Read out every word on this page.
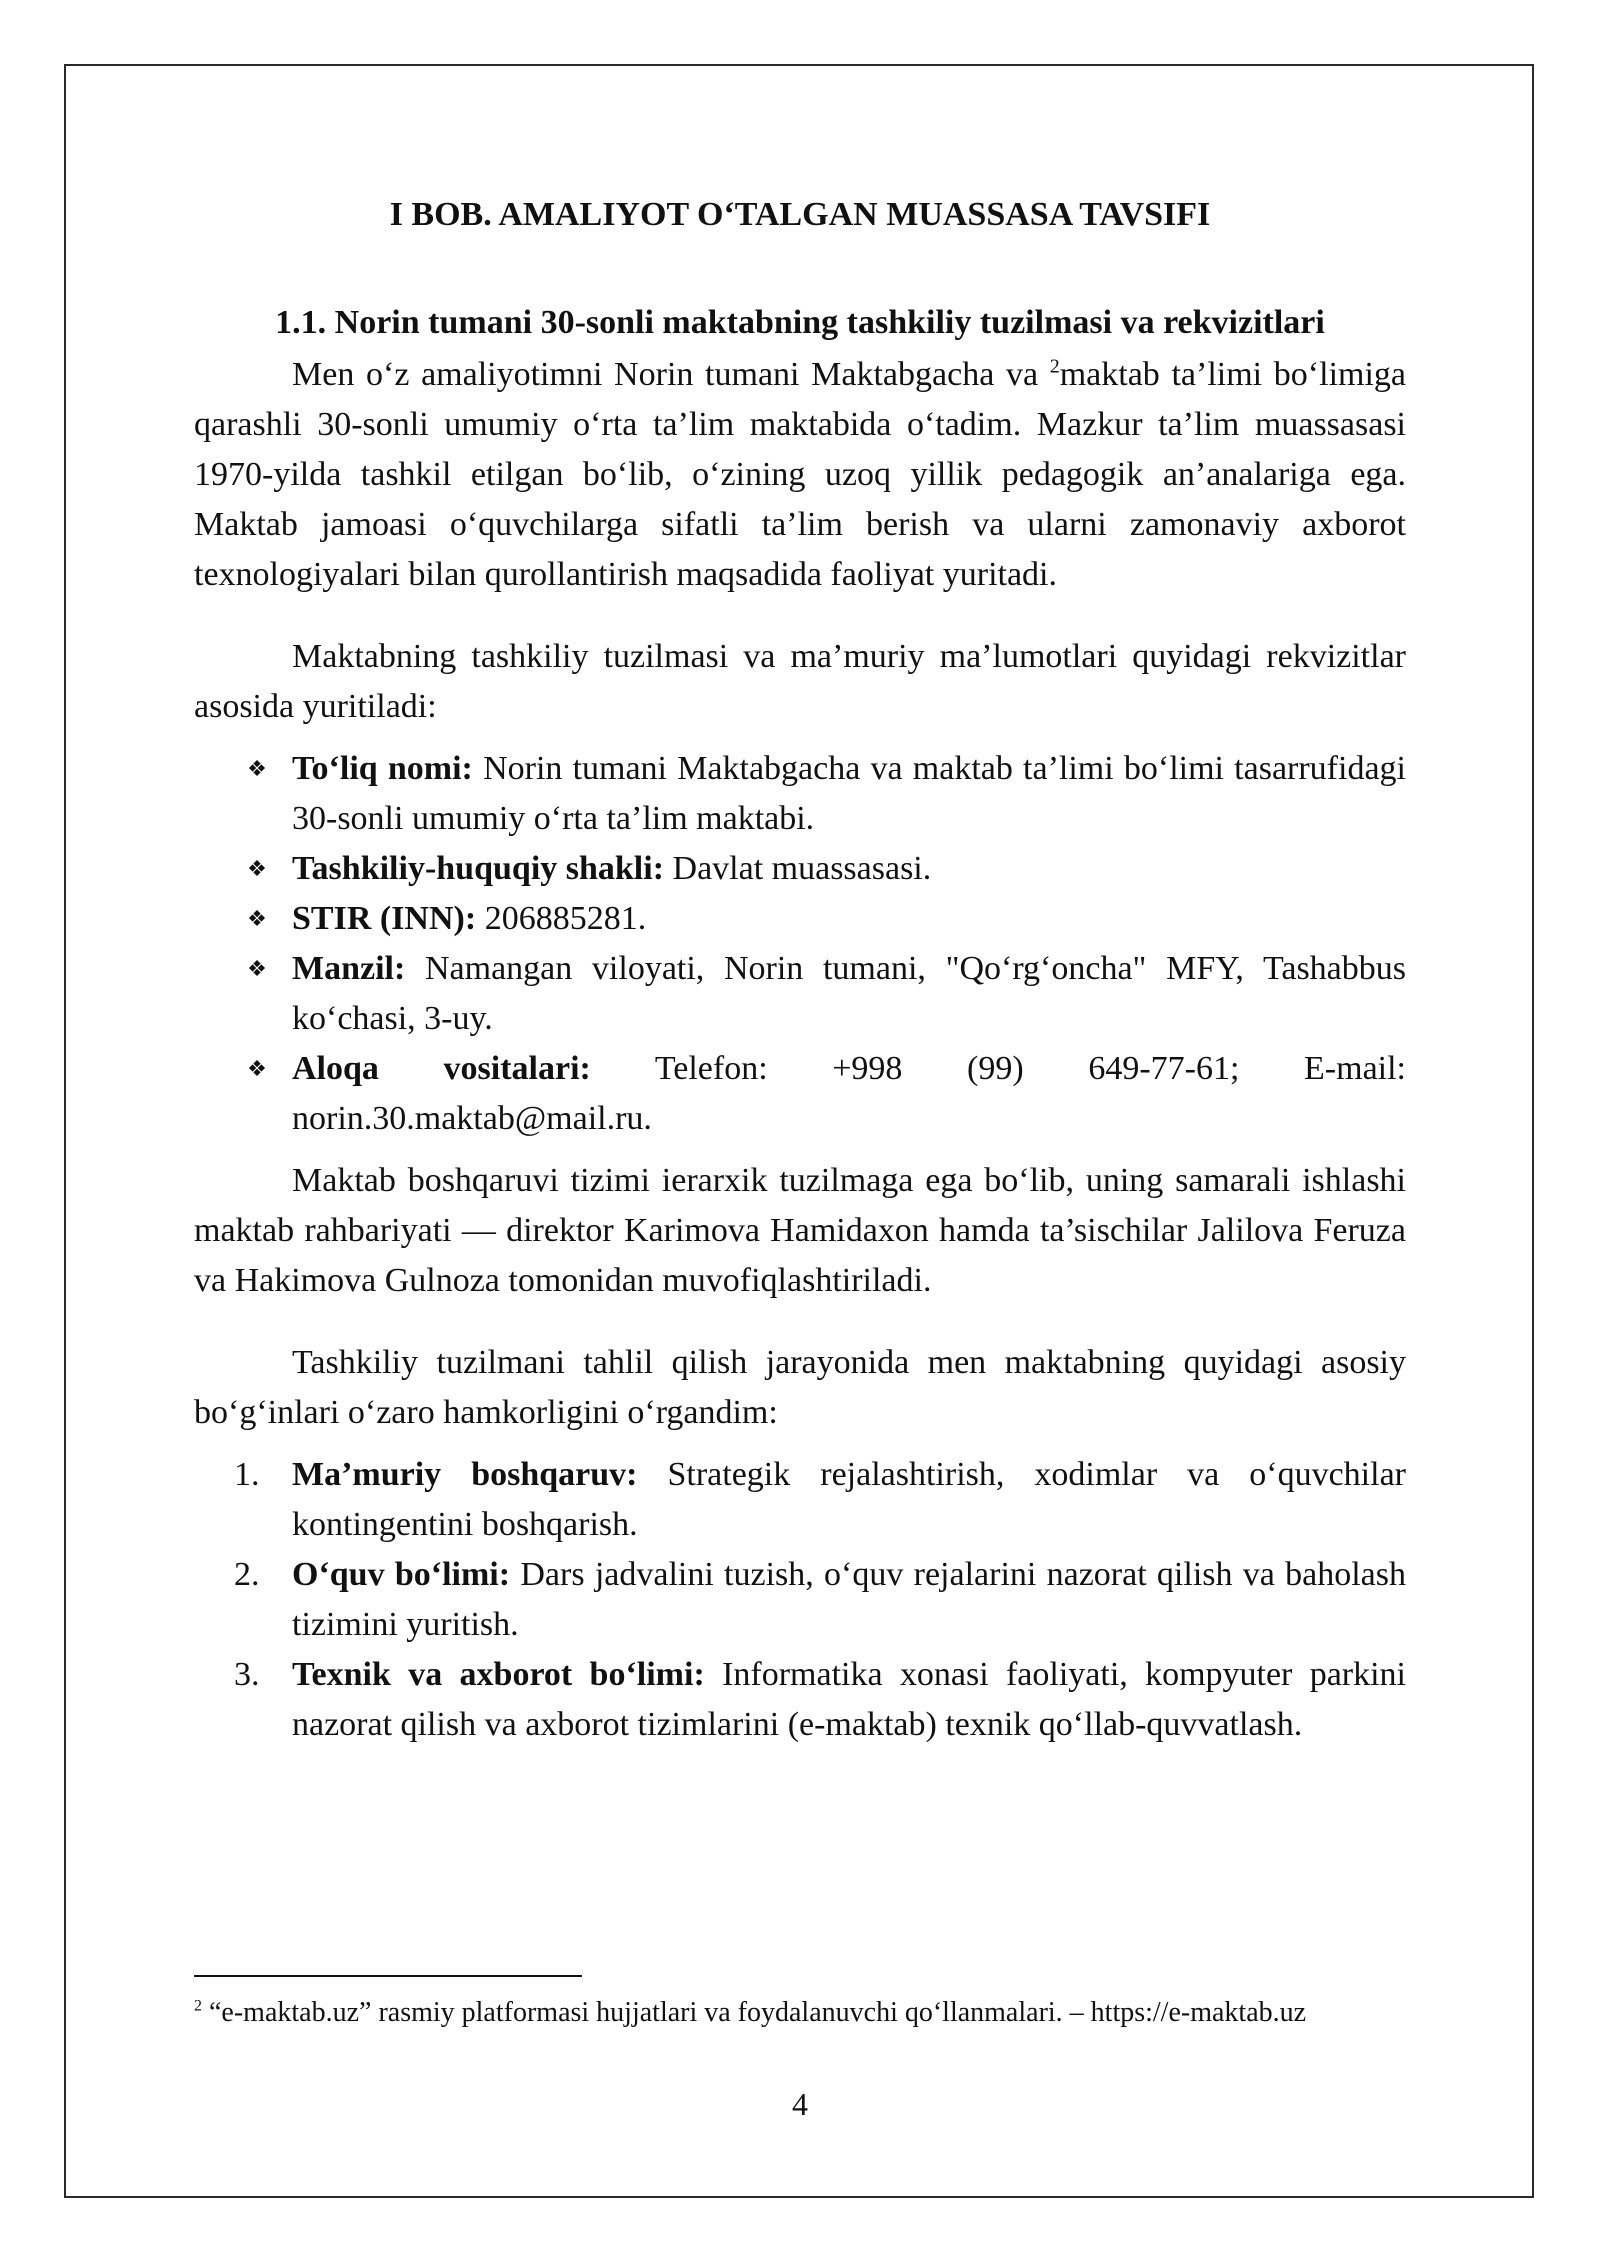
I BOB. AMALIYOT O‘TALGAN MUASSASA TAVSIFI
1.1. Norin tumani 30-sonli maktabning tashkiliy tuzilmasi va rekvizitlari

Men o‘z amaliyotimni Norin tumani Maktabgacha va $^2$maktab ta’limi bo‘limiga qarashli 30-sonli umumiy o‘rta ta’lim maktabida o‘tadim. Mazkur ta’lim muassasasi 1970-yilda tashkil etilgan bo‘lib, o‘zining uzoq yillik pedagogik an’analariga ega. Maktab jamoasi o‘quvchilarga sifatli ta’lim berish va ularni zamonaviy axborot texnologiyalari bilan qurollantirish maqsadida faoliyat yuritadi.

Maktabning tashkiliy tuzilmasi va ma’muriy ma’lumotlari quyidagi rekvizitlar asosida yuritiladi:

❖ To‘liq nomi: Norin tumani Maktabgacha va maktab ta’limi bo‘limi tasarrufidagi 30-sonli umumiy o‘rta ta’lim maktabi.
❖ Tashkiliy-huquqiy shakli: Davlat muassasasi.
❖ STIR (INN): 206885281.
❖ Manzil: Namangan viloyati, Norin tumani, "Qo‘rg‘oncha" MFY, Tashabbus ko‘chasi, 3-uy.
❖ Aloqa vositalari: Telefon: +998 (99) 649-77-61; E-mail: norin.30.maktab@mail.ru.

Maktab boshqaruvi tizimi ierarxik tuzilmaga ega bo‘lib, uning samarali ishlashi maktab rahbariyati — direktor Karimova Hamidaxon hamda ta’sischilar Jalilova Feruza va Hakimova Gulnoza tomonidan muvofiqlashtiriladi.

Tashkiliy tuzilmani tahlil qilish jarayonida men maktabning quyidagi asosiy bo‘g‘inlari o‘zaro hamkorligini o‘rgandim:

1. Ma’muriy boshqaruv: Strategik rejalashtirish, xodimlar va o‘quvchilar kontingentini boshqarish.
2. O‘quv bo‘limi: Dars jadvalini tuzish, o‘quv rejalarini nazorat qilish va baholash tizimini yuritish.
3. Texnik va axborot bo‘limi: Informatika xonasi faoliyati, kompyuter parkini nazorat qilish va axborot tizimlarini (e-maktab) texnik qo‘llab-quvvatlash.
$^2$ “e-maktab.uz” rasmiy platformasi hujjatlari va foydalanuvchi qo‘llanmalari. – https://e-maktab.uz
4
